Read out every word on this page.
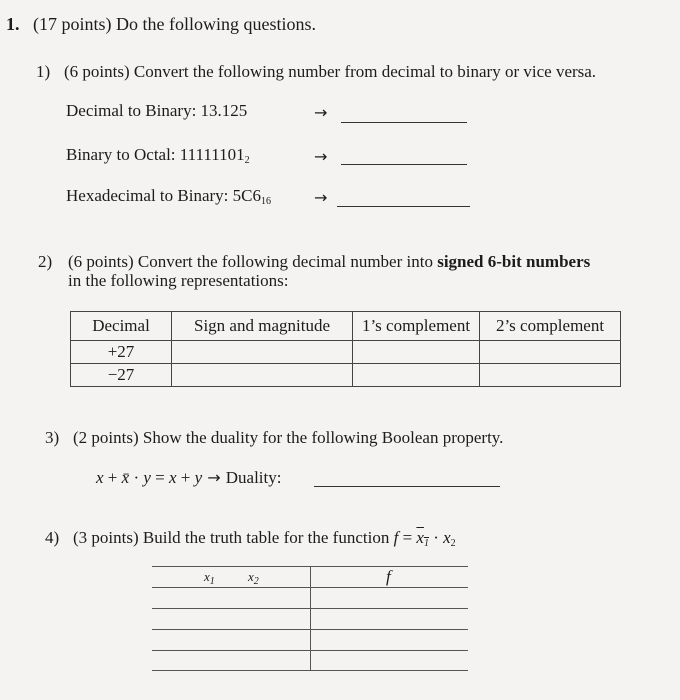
1. (17 points) Do the following questions.
1) (6 points) Convert the following number from decimal to binary or vice versa.
Decimal to Binary: 13.125	→
Binary to Octal: $11111101_2$	→
Hexadecimal to Binary: $5C6_{16}$	→
2) (6 points) Convert the following decimal number into signed 6-bit numbers
in the following representations:
Decimal	Sign and magnitude	1’s complement	2’s complement
+27			
−27			
3) (2 points) Show the duality for the following Boolean property.
x + x̄ · y = x + y → Duality:
4) (3 points) Build the truth table for the function $f = x_1 \cdot x_2$
$x_1$	$x_2$	f
